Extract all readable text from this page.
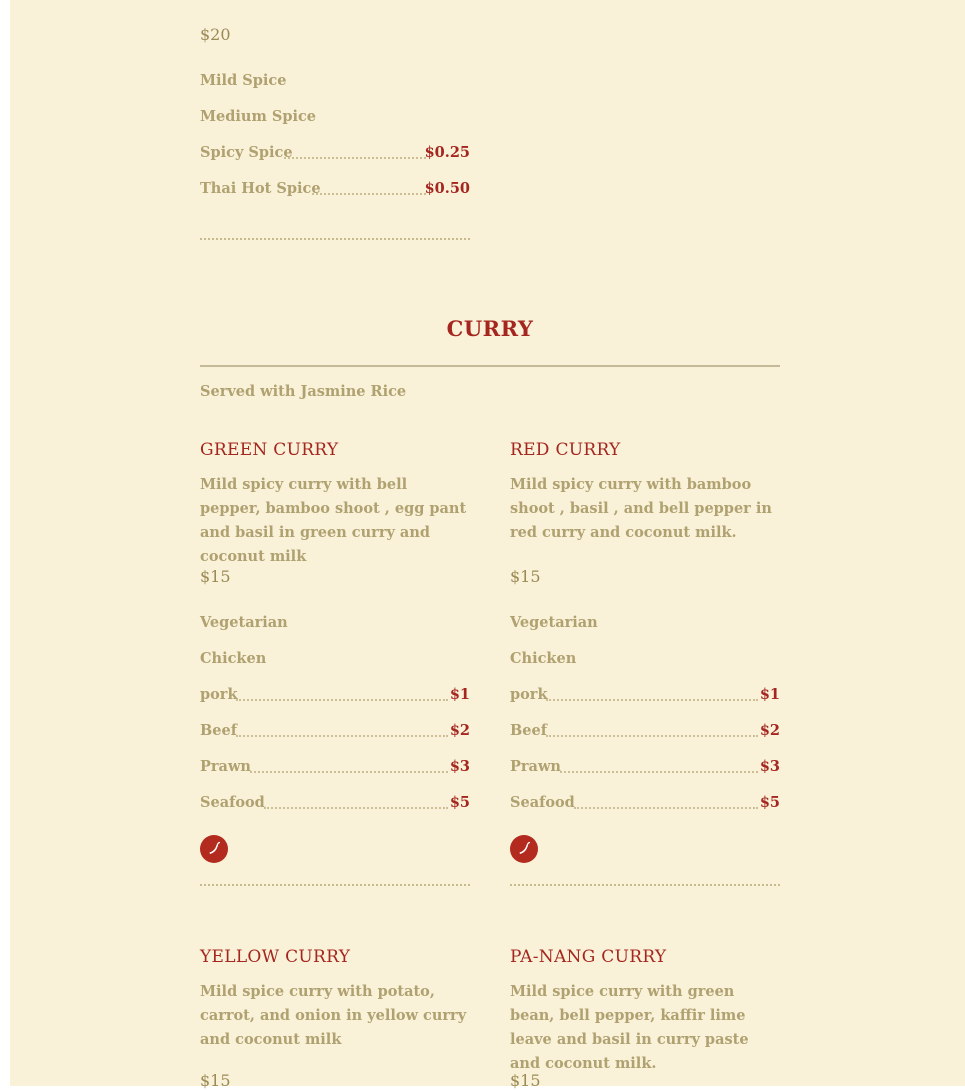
$20
Mild Spice
Medium Spice
Spicy Spice	$0.25
Thai Hot Spice	$0.50
CURRY
Served with Jasmine Rice
GREEN CURRY
Mild spicy curry with bell pepper, bamboo shoot , egg pant and basil in green curry and coconut milk
$15
Vegetarian
Chicken
pork	$1
Beef	$2
Prawn	$3
Seafood	$5
RED CURRY
Mild spicy curry with bamboo shoot , basil , and bell pepper in red curry and coconut milk.
$15
Vegetarian
Chicken
pork	$1
Beef	$2
Prawn	$3
Seafood	$5
YELLOW CURRY
Mild spice curry with potato, carrot, and onion in yellow curry and coconut milk
$15
PA-NANG CURRY
Mild spice curry with green bean, bell pepper, kaffir lime leave and basil in curry paste and coconut milk.
$15
